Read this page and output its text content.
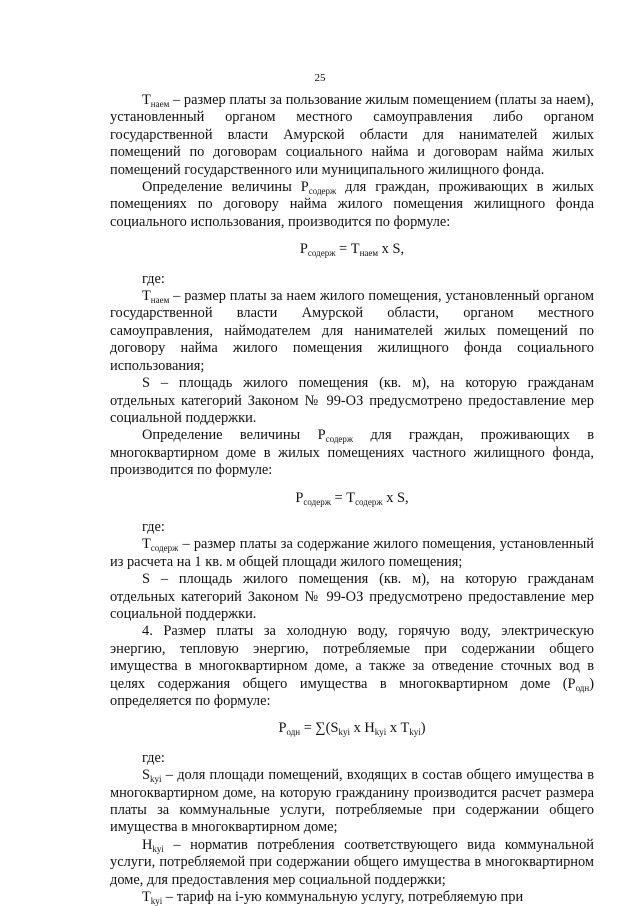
25

$Т_{наем}$ – размер платы за пользование жилым помещением (платы за наем), установленный органом местного самоуправления либо органом государственной власти Амурской области для нанимателей жилых помещений по договорам социального найма и договорам найма жилых помещений государственного или муниципального жилищного фонда.

Определение величины $Р_{содерж}$ для граждан, проживающих в жилых помещениях по договору найма жилого помещения жилищного фонда социального использования, производится по формуле:

$Р_{содерж} = Т_{наем}$ x S,

где:

$Т_{наем}$ – размер платы за наем жилого помещения, установленный органом государственной власти Амурской области, органом местного самоуправления, наймодателем для нанимателей жилых помещений по договору найма жилого помещения жилищного фонда социального использования;

S – площадь жилого помещения (кв. м), на которую гражданам отдельных категорий Законом № 99-ОЗ предусмотрено предоставление мер социальной поддержки.

Определение величины $Р_{содерж}$ для граждан, проживающих в многоквартирном доме в жилых помещениях частного жилищного фонда, производится по формуле:

$Р_{содерж} = Т_{содерж}$ x S,

где:

$Т_{содерж}$ – размер платы за содержание жилого помещения, установленный из расчета на 1 кв. м общей площади жилого помещения;

S – площадь жилого помещения (кв. м), на которую гражданам отдельных категорий Законом № 99-ОЗ предусмотрено предоставление мер социальной поддержки.

4. Размер платы за холодную воду, горячую воду, электрическую энергию, тепловую энергию, потребляемые при содержании общего имущества в многоквартирном доме, а также за отведение сточных вод в целях содержания общего имущества в многоквартирном доме $(Р_{одн})$ определяется по формуле:

$Р_{одн} = \sum(S_{kyi}$ x $H_{kyi}$ x $T_{kyi}$)

где:

$S_{kyi}$ – доля площади помещений, входящих в состав общего имущества в многоквартирном доме, на которую гражданину производится расчет размера платы за коммунальные услуги, потребляемые при содержании общего имущества в многоквартирном доме;

$Н_{kyi}$ – норматив потребления соответствующего вида коммунальной услуги, потребляемой при содержании общего имущества в многоквартирном доме, для предоставления мер социальной поддержки;

$Т_{kyi}$ – тариф на i-ую коммунальную услугу, потребляемую при
